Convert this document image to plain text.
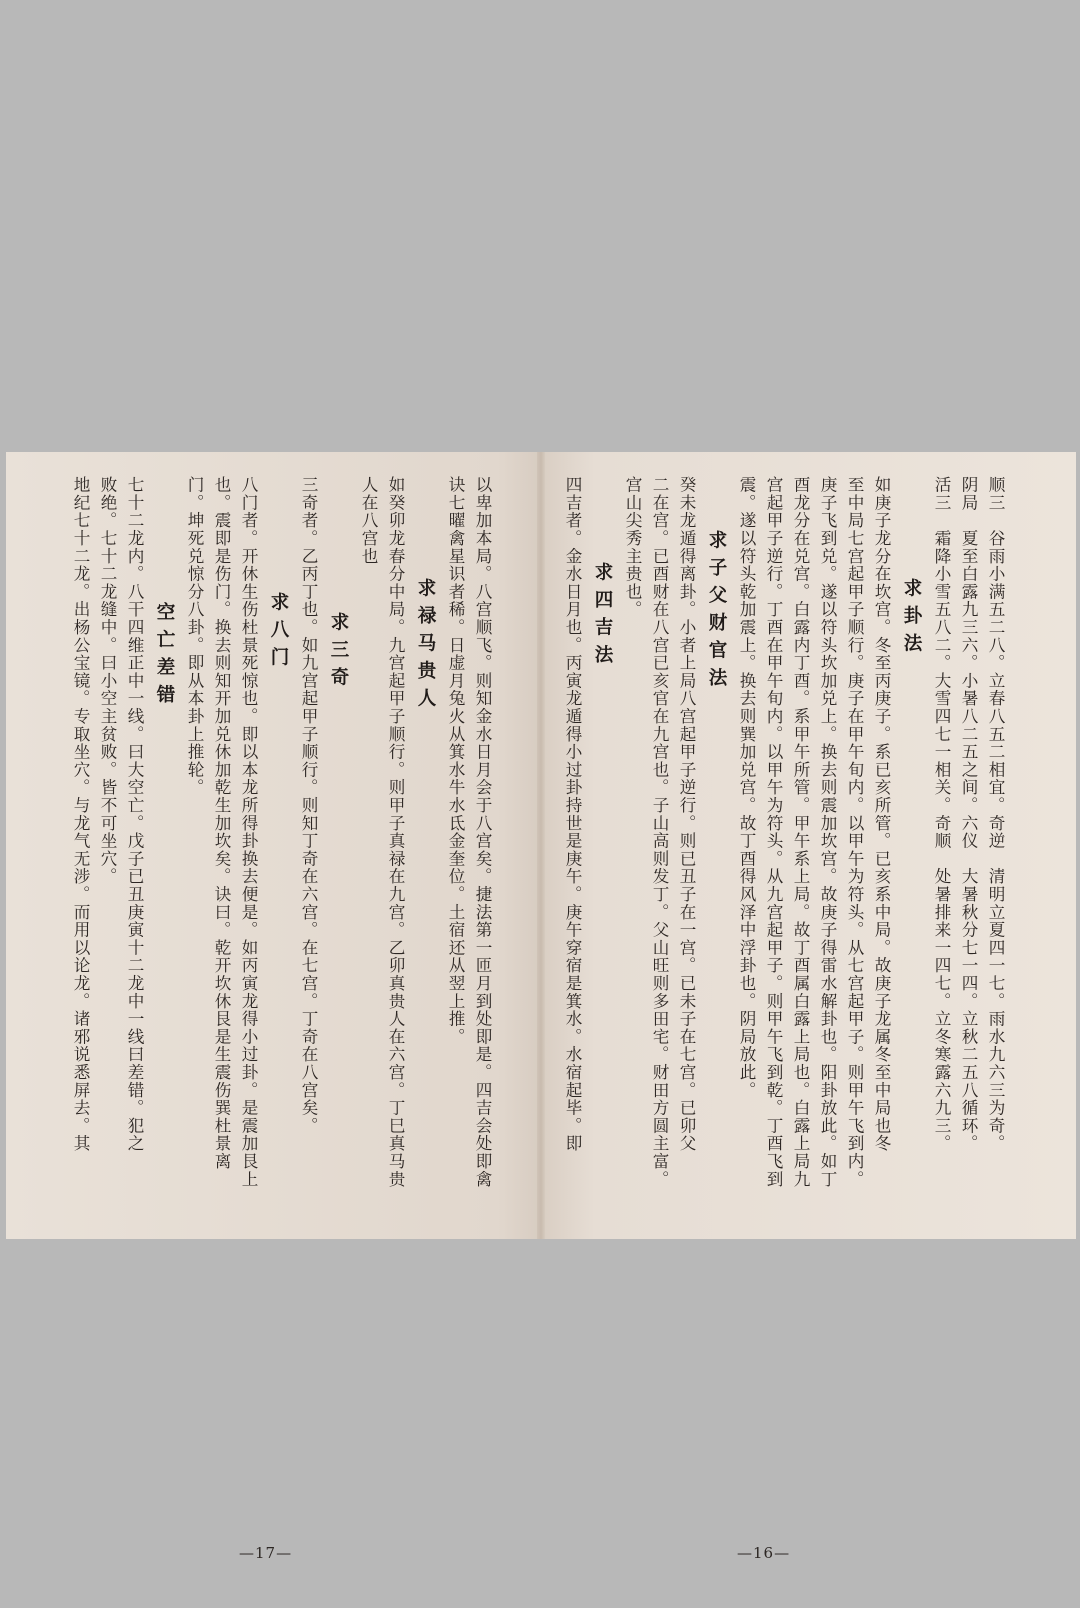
顺三　谷雨小满五二八。立春八五二相宜。奇逆　清明立夏四一七。雨水九六三为奇。
阴局　夏至白露九三六。小暑八二五之间。六仪　大暑秋分七一四。立秋二五八循环。
活三　霜降小雪五八二。大雪四七一相关。奇顺　处暑排来一四七。立冬寒露六九三。
求卦法
如庚子龙分在坎宫。冬至丙庚子。系已亥所管。已亥系中局。故庚子龙属冬至中局也冬
至中局七宫起甲子顺行。庚子在甲午旬内。以甲午为符头。从七宫起甲子。则甲午飞到内。
庚子飞到兑。遂以符头坎加兑上。换去则震加坎宫。故庚子得雷水解卦也。阳卦放此。如丁
酉龙分在兑宫。白露内丁酉。系甲午所管。甲午系上局。故丁酉属白露上局也。白露上局九
宫起甲子逆行。丁酉在甲午旬内。以甲午为符头。从九宫起甲子。则甲午飞到乾。丁酉飞到
震。遂以符头乾加震上。换去则巽加兑宫。故丁酉得风泽中浮卦也。阴局放此。
求子父财官法
癸未龙遁得离卦。小者上局八宫起甲子逆行。则已丑子在一宫。已未子在七宫。已卯父
二在宫。已酉财在八宫已亥官在九宫也。子山高则发丁。父山旺则多田宅。财田方圆主富。
宫山尖秀主贵也。
求四吉法
四吉者。金水日月也。丙寅龙遁得小过卦持世是庚午。庚午穿宿是箕水。水宿起毕。即
—16—
以卑加本局。八宫顺飞。则知金水日月会于八宫矣。捷法第一匝月到处即是。四吉会处即禽
诀七曜禽星识者稀。日虚月兔火从箕水牛水氐金奎位。土宿还从翌上推。
求禄马贵人
如癸卯龙春分中局。九宫起甲子顺行。则甲子真禄在九宫。乙卯真贵人在六宫。丁巳真马贵
人在八宫也
求三奇
三奇者。乙丙丁也。如九宫起甲子顺行。则知丁奇在六宫。在七宫。丁奇在八宫矣。
求八门
八门者。开休生伤杜景死惊也。即以本龙所得卦换去便是。如丙寅龙得小过卦。是震加艮上
也。震即是伤门。换去则知开加兑休加乾生加坎矣。诀曰。乾开坎休艮是生震伤巽杜景离
门。坤死兑惊分八卦。即从本卦上推轮。
空亡差错
七十二龙内。八干四维正中一线。曰大空亡。戊子已丑庚寅十二龙中一线曰差错。犯之
败绝。七十二龙缝中。曰小空主贫败。皆不可坐穴。
地纪七十二龙。出杨公宝镜。专取坐穴。与龙气无涉。而用以论龙。诸邪说悉屏去。其
—17—
